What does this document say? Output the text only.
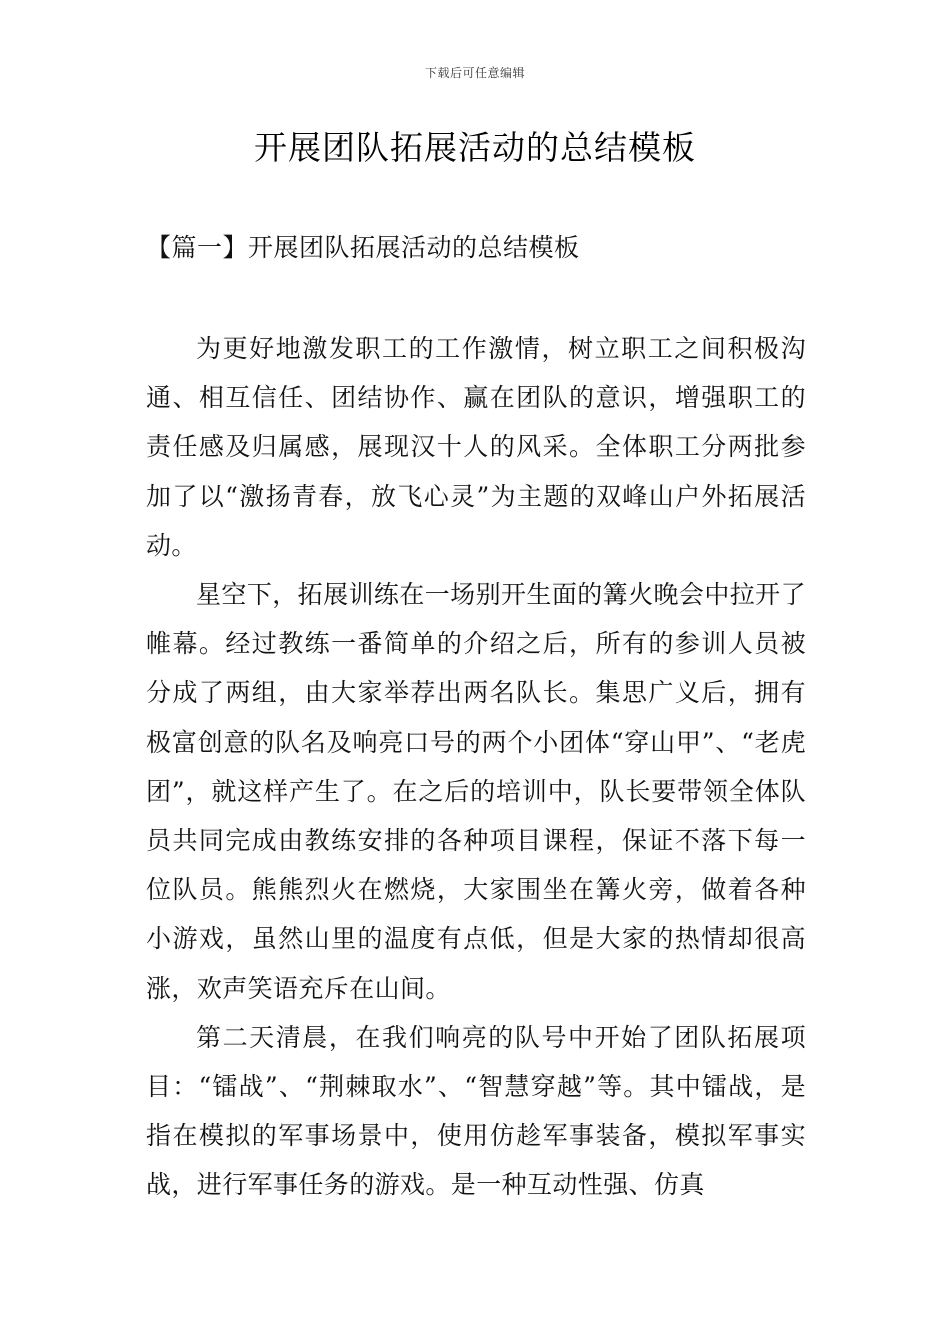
下载后可任意编辑
开展团队拓展活动的总结模板
【篇一】开展团队拓展活动的总结模板

为更好地激发职工的工作激情，树立职工之间积极沟通、相互信任、团结协作、赢在团队的意识，增强职工的责任感及归属感，展现汉十人的风采。全体职工分两批参加了以“激扬青春，放飞心灵”为主题的双峰山户外拓展活动。

星空下，拓展训练在一场别开生面的篝火晚会中拉开了帷幕。经过教练一番简单的介绍之后，所有的参训人员被分成了两组，由大家举荐出两名队长。集思广义后，拥有极富创意的队名及响亮口号的两个小团体“穿山甲”、“老虎团”，就这样产生了。在之后的培训中，队长要带领全体队员共同完成由教练安排的各种项目课程，保证不落下每一位队员。熊熊烈火在燃烧，大家围坐在篝火旁，做着各种小游戏，虽然山里的温度有点低，但是大家的热情却很高涨，欢声笑语充斥在山间。

第二天清晨，在我们响亮的队号中开始了团队拓展项目：“镭战”、“荆棘取水”、“智慧穿越”等。其中镭战，是指在模拟的军事场景中，使用仿趁军事装备，模拟军事实战，进行军事任务的游戏。是一种互动性强、仿真
